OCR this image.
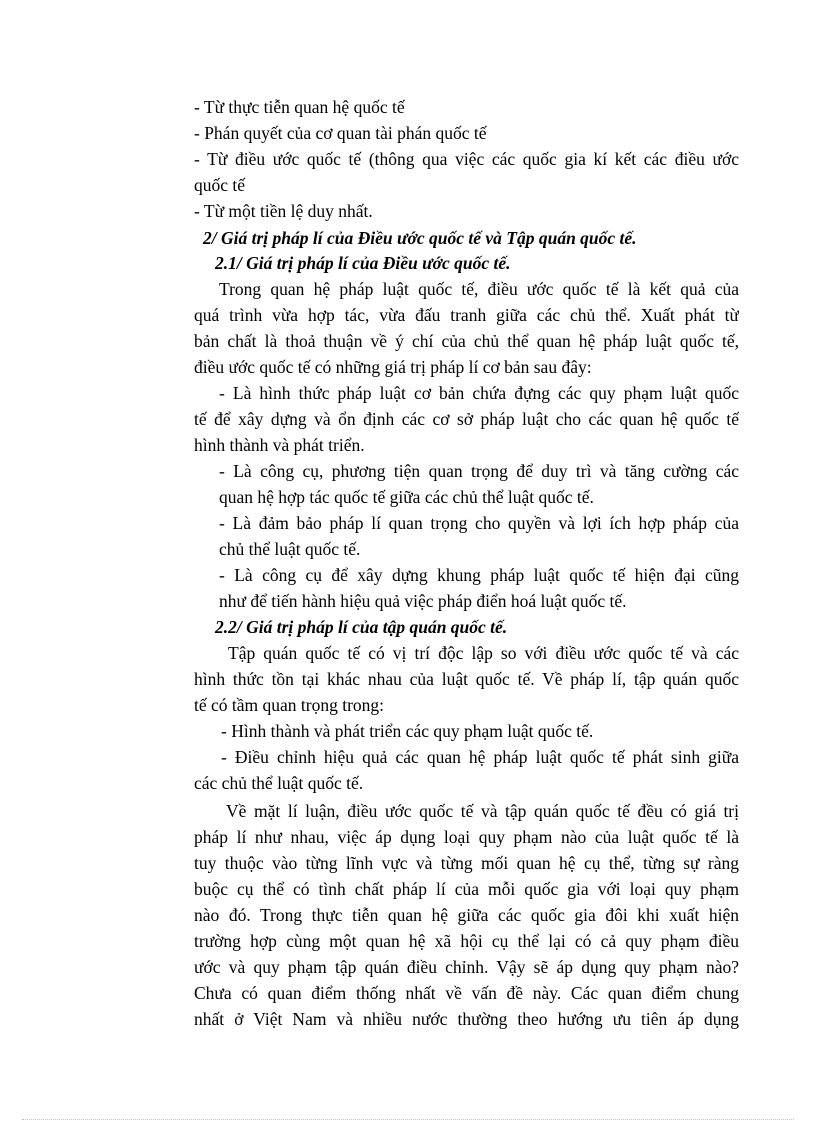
- Từ thực tiễn quan hệ quốc tế
- Phán quyết của cơ quan tài phán quốc tế
- Từ điều ước quốc tế (thông qua việc các quốc gia kí kết các điều ước
quốc tế
- Từ một tiền lệ duy nhất.
2/ Giá trị pháp lí của Điều ước quốc tế và Tập quán quốc tế.
2.1/ Giá trị pháp lí của Điều ước quốc tế.
Trong quan hệ pháp luật quốc tế, điều ước quốc tế là kết quả của
quá trình vừa hợp tác, vừa đấu tranh giữa các chủ thể. Xuất phát từ
bản chất là thoả thuận về ý chí của chủ thể quan hệ pháp luật quốc tế,
điều ước quốc tế có những giá trị pháp lí cơ bản sau đây:
- Là hình thức pháp luật cơ bản chứa đựng các quy phạm luật quốc
tế để xây dựng và ổn định các cơ sở pháp luật cho các quan hệ quốc tế
hình thành và phát triển.
- Là công cụ, phương tiện quan trọng để duy trì và tăng cường các
quan hệ hợp tác quốc tế giữa các chủ thể luật quốc tế.
- Là đảm bảo pháp lí quan trọng cho quyền và lợi ích hợp pháp của
chủ thể luật quốc tế.
- Là công cụ để xây dựng khung pháp luật quốc tế hiện đại cũng
như để tiến hành hiệu quả việc pháp điển hoá luật quốc tế.
2.2/ Giá trị pháp lí của tập quán quốc tế.
Tập quán quốc tế có vị trí độc lập so với điều ước quốc tế và các
hình thức tồn tại khác nhau của luật quốc tế. Về pháp lí, tập quán quốc
tế có tầm quan trọng trong:
- Hình thành và phát triển các quy phạm luật quốc tế.
- Điều chỉnh hiệu quả các quan hệ pháp luật quốc tế phát sinh giữa
các chủ thể luật quốc tế.
Về mặt lí luận, điều ước quốc tế và tập quán quốc tế đều có giá trị
pháp lí như nhau, việc áp dụng loại quy phạm nào của luật quốc tế là
tuy thuộc vào từng lĩnh vực và từng mối quan hệ cụ thể, từng sự ràng
buộc cụ thể có tình chất pháp lí của mỗi quốc gia với loại quy phạm
nào đó. Trong thực tiễn quan hệ giữa các quốc gia đôi khi xuất hiện
trường hợp cùng một quan hệ xã hội cụ thể lại có cả quy phạm điều
ước và quy phạm tập quán điều chỉnh. Vậy sẽ áp dụng quy phạm nào?
Chưa có quan điểm thống nhất về vấn đề này. Các quan điểm chung
nhất ở Việt Nam và nhiều nước thường theo hướng ưu tiên áp dụng
